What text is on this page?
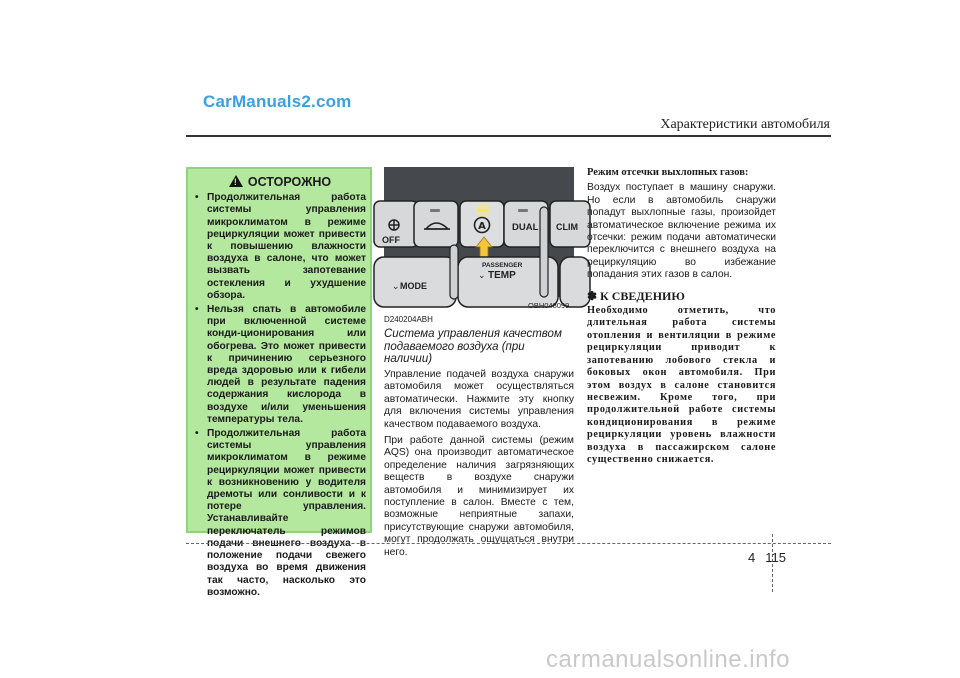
CarManuals2.com
Характеристики автомобиля
!ОСТОРОЖНО
• Продолжительная работа системы управления микроклиматом в режиме рециркуляции может привести к повышению влажности воздуха в салоне, что может вызвать запотевание остекления и ухудшение обзора.
• Нельзя спать в автомобиле при включенной системе конди-ционирования или обогрева. Это может привести к причинению серьезного вреда здоровью или к гибели людей в результате падения содержания кислорода в воздухе и/или уменьшения температуры тела.
• Продолжительная работа системы управления микроклиматом в режиме рециркуляции может привести к возникновению у водителя дремоты или сонливости и к потере управления. Устанавливайте переключатель режимов подачи внешнего воздуха в положение подачи свежего воздуха во время движения так часто, насколько это возможно.
A
OFF
DUAL CLIM
⌄ MODE
PASSENGER
⌄ TEMP
OBH048099
D240204ABH
Система управления качеством подаваемого воздуха (при наличии)

Управление подачей воздуха снаружи автомобиля может осуществляться автоматически. Нажмите эту кнопку для включения системы управления качеством подаваемого воздуха.

При работе данной системы (режим AQS) она производит автоматическое определение наличия загрязняющих веществ в воздухе снаружи автомобиля и минимизирует их поступление в салон. Вместе с тем, возможные неприятные запахи, присутствующие снаружи автомобиля, могут продолжать ощущаться внутри него.

Режим отсечки выхлопных газов:

Воздух поступает в машину снаружи. Но если в автомобиль снаружи попадут выхлопные газы, произойдет автоматическое включение режима их отсечки: режим подачи автоматически переключится с внешнего воздуха на рециркуляцию во избежание попадания этих газов в салон.

✽ К СВЕДЕНИЮ
Необходимо отметить, что длительная работа системы отопления и вентиляции в режиме рециркуляции приводит к запотеванию лобового стекла и боковых окон автомобиля. При этом воздух в салоне становится несвежим. Кроме того, при продолжительной работе системы кондиционирования в режиме рециркуляции уровень влажности воздуха в пассажирском салоне существенно снижается.
4 115
carmanualsonline.info
